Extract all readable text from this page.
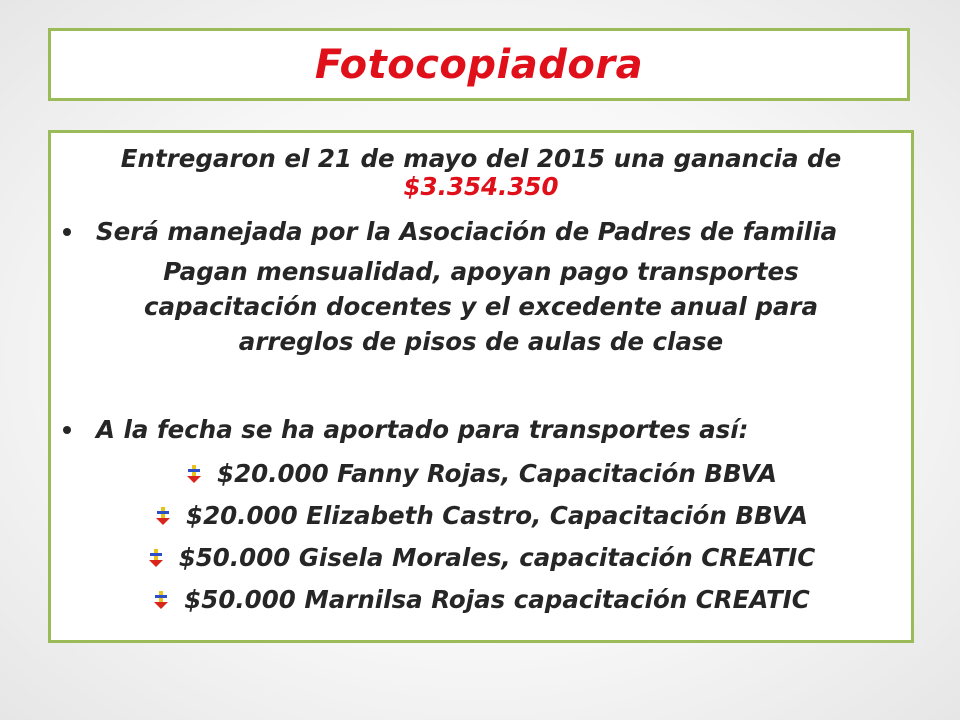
Fotocopiadora
Entregaron el 21 de mayo del 2015 una ganancia de
$3.354.350
Será manejada por la Asociación de Padres de familia
Pagan mensualidad, apoyan pago transportes
capacitación docentes y el excedente anual para
arreglos de pisos de aulas de clase
A la fecha se ha aportado para transportes así:
$20.000 Fanny Rojas, Capacitación BBVA
$20.000 Elizabeth Castro, Capacitación BBVA
$50.000 Gisela Morales, capacitación CREATIC
$50.000 Marnilsa Rojas capacitación CREATIC
